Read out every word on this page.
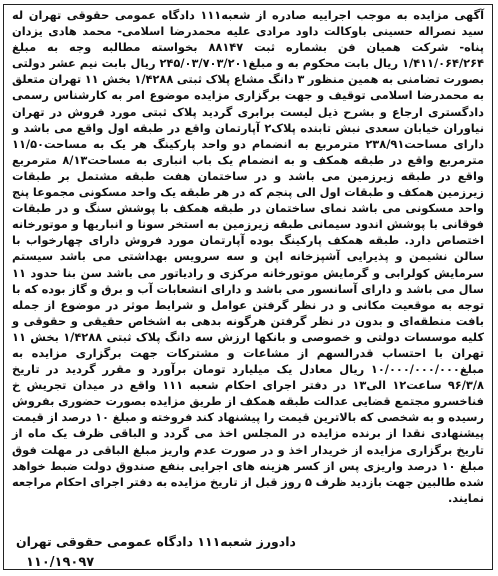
آگهی مزایده به موجب اجراییه صادره از شعبه۱۱۱ دادگاه عمومی حقوقی تهران له سید نصراله حسینی باوکالت داود مرادی علیه محمدرضا اسلامی- محمد هادی یزدان پناه- شرکت همیان فن بشماره ثبت ۸۸۱۴۷ بخواسته مطالبه وجه به مبلغ ۱/۴۱۱/۰۶۴/۲۶۴ ریال بابت محکوم به و مبلغ۲۴۵/۰۳/۷۰۳/۲۰۱ ریال بابت نیم عشر دولتی بصورت تضامنی به همین منظور ۳ دانگ مشاع پلاک ثبتی ۱/۴۲۸۸ بخش ۱۱ تهران متعلق به محمدرضا اسلامی توقیف و جهت برگزاری مزایده موضوع امر به کارشناس رسمی دادگستری ارجاع و بشرح ذیل لیست برابری گردید پلاک ثبتی مورد فروش در تهران نیاوران خیابان سعدی نبش تابنده پلاک۲ آپارتمان واقع در طبقه اول واقع می باشد و دارای مساحت۲۳۸/۹۱ مترمربع به انضمام دو واحد پارکینگ هر یک به مساحت۱۱/۵۰ مترمربع واقع در طبقه همکف و به انضمام یک باب انباری به مساحت۸/۱۳ مترمربع واقع در طبقه زیرزمین می باشد و در ساختمان هفت طبقه مشتمل بر طبقات زیرزمین همکف و طبقات اول الی پنجم که در هر طبقه یک واحد مسکونی مجموعا پنج واحد مسکونی می باشد نمای ساختمان در طبقه همکف با پوشش سنگ و در طبقات فوقانی با پوشش اندود سیمانی طبقه زیرزمین به استخر سونا و انباریها و موتورخانه اختصاص دارد. طبقه همکف پارکینگ بوده آپارتمان مورد فروش دارای چهارخواب با سالن نشیمن و پذیرایی آشپزخانه اپن و سه سرویس بهداشتی می باشد سیستم سرمایش کولرابی و گرمایش موتورخانه مرکزی و رادیاتور می باشد سن بنا حدود ۱۱ سال می باشد و دارای آسانسور می باشد و دارای انشعابات آب و برق و گاز بوده که با توجه به موقعیت مکانی و در نظر گرفتن عوامل و شرایط موثر در موضوع از جمله بافت منطقه‌ای و بدون در نظر گرفتن هرگونه بدهی به اشخاص حقیقی و حقوقی و کلیه موسسات دولتی و خصوصی و بانکها ارزش سه دانگ پلاک ثبتی ۱/۴۲۸۸ بخش ۱۱ تهران با احتساب قدرالسهم از مشاعات و مشترکات جهت برگزاری مزایده به مبلغ۱۰/۰۰۰/۰۰۰/۰۰۰ ریال معادل یک میلیارد تومان برآورد و مقرر گردید در تاریخ ۹۶/۳/۸ ساعت۱۲ الی۱۳ در دفتر اجرای احکام شعبه ۱۱۱ واقع در میدان تجریش خ فناخسرو مجتمع قضایی عدالت طبقه همکف از طریق مزایده بصورت حضوری بفروش رسیده و به شخصی که بالاترین قیمت را پیشنهاد کند فروخته و مبلغ ۱۰ درصد از قیمت پیشنهادی نقدا از برنده مزایده در المجلس اخذ می گردد و الباقی ظرف یک ماه از تاریخ برگزاری مزایده از خریدار اخذ و در صورت عدم واریز مبلغ الباقی در مهلت فوق مبلغ ۱۰ درصد واریزی پس از کسر هزینه های اجرایی بنفع صندوق دولت ضبط خواهد شده طالبین جهت بازدید ظرف ۵ روز قبل از تاریخ مزایده به دفتر اجرای احکام مراجعه نمایند.
دادورز شعبه۱۱۱ دادگاه عمومی حقوقی تهران
۱۱۰/۱۹۰۹۷
